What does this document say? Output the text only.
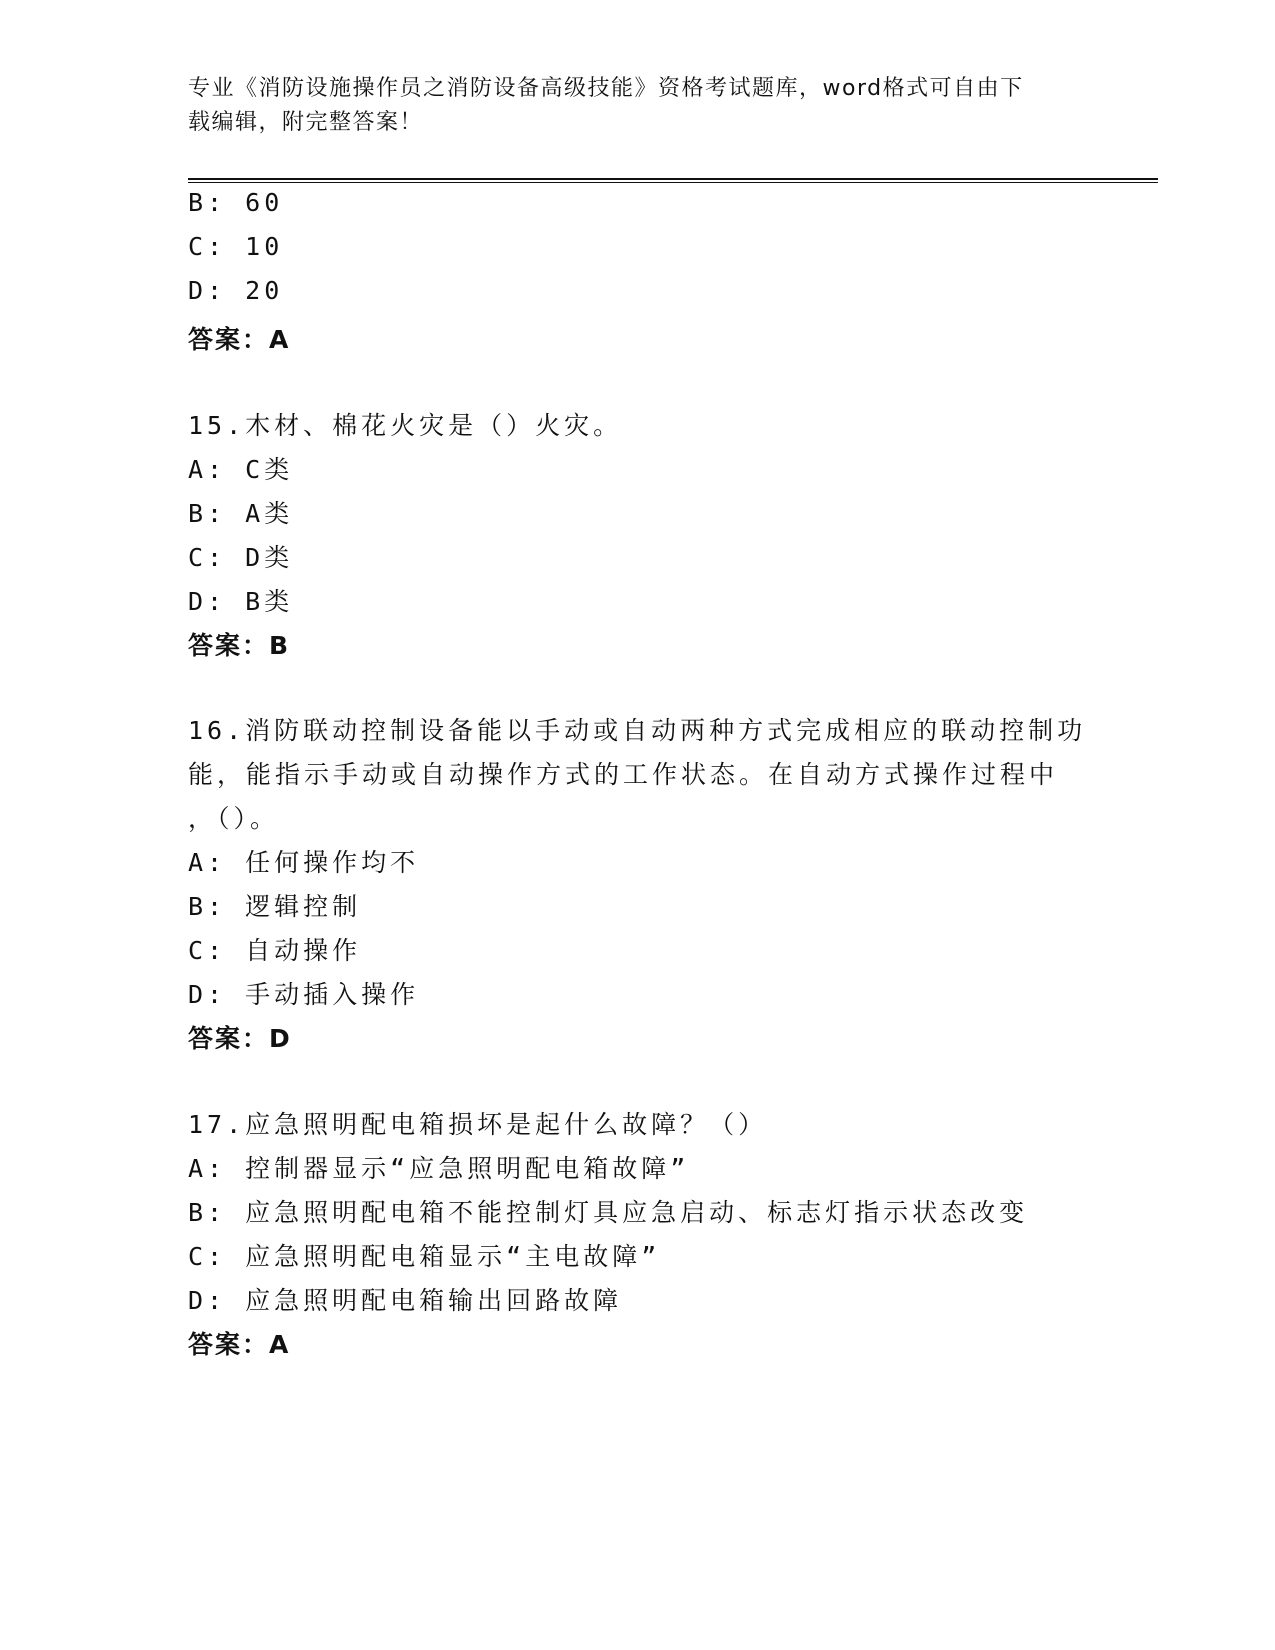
专业《消防设施操作员之消防设备高级技能》资格考试题库，word格式可自由下
载编辑，附完整答案！
B: 60
C: 10
D: 20
答案：A
15.木材、棉花火灾是（）火灾。
A: C类
B: A类
C: D类
D: B类
答案：B
16.消防联动控制设备能以手动或自动两种方式完成相应的联动控制功
能，能指示手动或自动操作方式的工作状态。在自动方式操作过程中
，（）。
A: 任何操作均不
B: 逻辑控制
C: 自动操作
D: 手动插入操作
答案：D
17.应急照明配电箱损坏是起什么故障？（）
A: 控制器显示“应急照明配电箱故障”
B: 应急照明配电箱不能控制灯具应急启动、标志灯指示状态改变
C: 应急照明配电箱显示“主电故障”
D: 应急照明配电箱输出回路故障
答案：A
